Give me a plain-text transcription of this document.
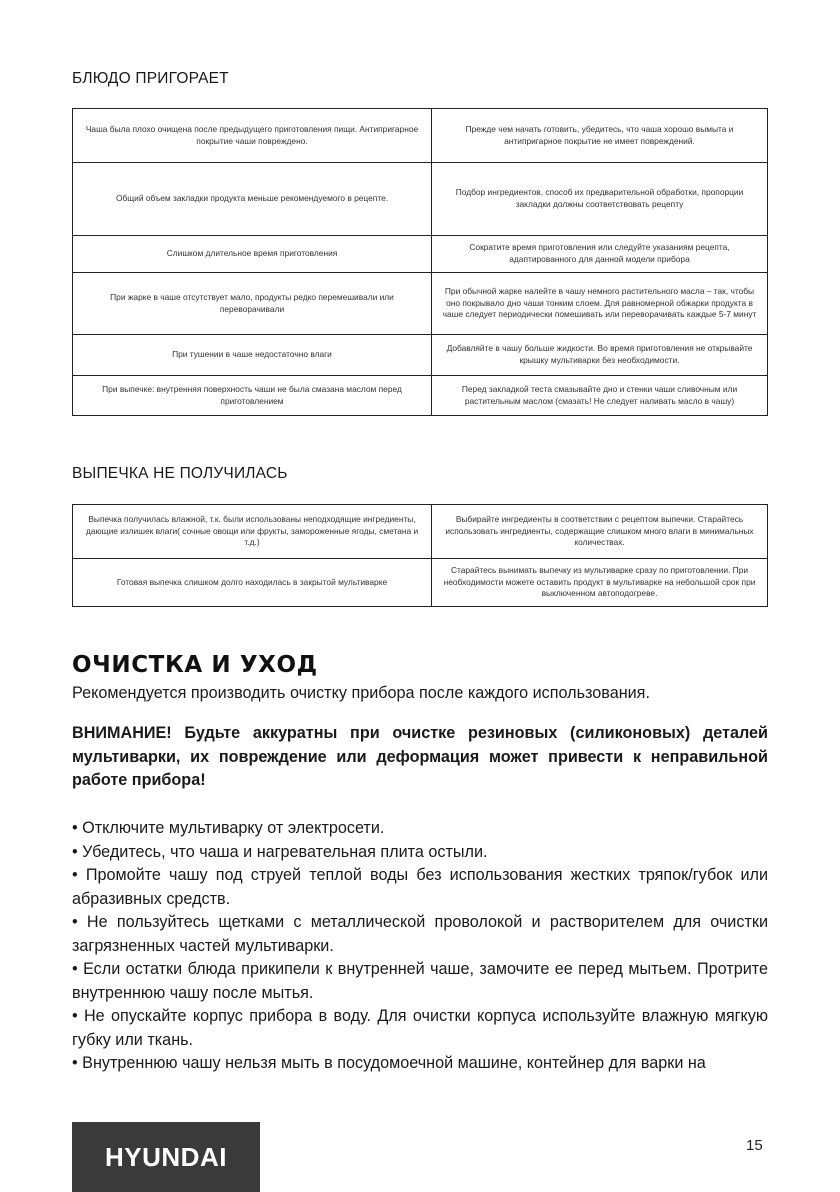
БЛЮДО ПРИГОРАЕТ
Чаша была плохо очищена после предыдущего приготовления пищи. Антипригарное покрытие чаши повреждено.	Прежде чем начать готовить, убедитесь, что чаша хорошо вымыта и антипригарное покрытие не имеет повреждений.
Общий объем закладки продукта меньше рекомендуемого в рецепте.	Подбор ингредиентов, способ их предварительной обработки, пропорции закладки должны соответствовать рецепту
Слишком длительное время приготовления	Сократите время приготовления или следуйте указаниям рецепта, адаптированного для данной модели прибора
При жарке в чаше отсутствует мало, продукты редко перемешивали или переворачивали	При обычной жарке налейте в чашу немного растительного масла – так, чтобы оно покрывало дно чаши тонким слоем. Для равномерной обжарки продукта в чаше следует периодически помешивать или переворачивать каждые 5-7 минут
При тушении в чаше недостаточно влаги	Добавляйте в чашу больше жидкости. Во время приготовления не открывайте крышку мультиварки без необходимости.
При выпечке: внутренняя поверхность чаши не была смазана маслом перед приготовлением	Перед закладкой теста смазывайте дно и стенки чаши сливочным или растительным маслом (смазать! Не следует наливать масло в чашу)
ВЫПЕЧКА НЕ ПОЛУЧИЛАСЬ
Выпечка получилась влажной, т.к. были использованы неподходящие ингредиенты, дающие излишек влаги( сочные овощи или фрукты, замороженные ягоды, сметана и т.д.)	Выбирайте ингредиенты в соответствии с рецептом выпечки. Старайтесь использовать ингредиенты, содержащие слишком много влаги в минимальных количествах.
Готовая выпечка слишком долго находилась в закрытой мультиварке	Старайтесь вынимать выпечку из мультиварке сразу по приготовлении. При необходимости можете оставить продукт в мультиварке на небольшой срок при выключенном автоподогреве.
ОЧИСТКА И УХОД
Рекомендуется производить очистку прибора после каждого использования.
ВНИМАНИЕ! Будьте аккуратны при очистке резиновых (силиконовых) деталей мультиварки, их повреждение или деформация может привести к неправильной работе прибора!
• Отключите мультиварку от электросети.
• Убедитесь, что чаша и нагревательная плита остыли.
• Промойте чашу под струей теплой воды без использования жестких тряпок/губок или абразивных средств.
• Не пользуйтесь щетками с металлической проволокой и растворителем для очистки загрязненных частей мультиварки.
• Если остатки блюда прикипели к внутренней чаше, замочите ее перед мытьем. Протрите внутреннюю чашу после мытья.
• Не опускайте корпус прибора в воду. Для очистки корпуса используйте влажную мягкую губку или ткань.
• Внутреннюю чашу нельзя мыть в посудомоечной машине, контейнер для варки на
HYUNDAI	15
